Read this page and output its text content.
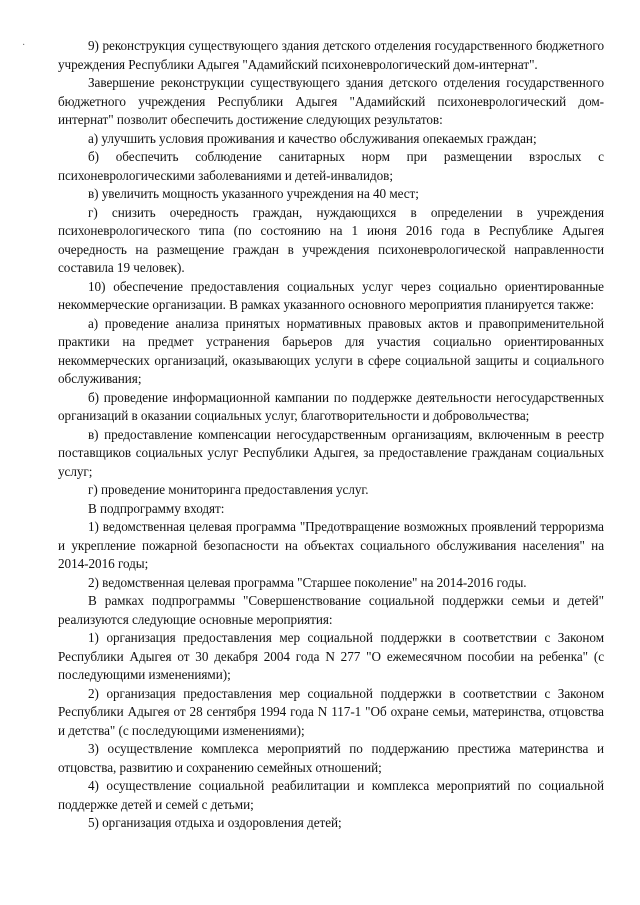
·	9) реконструкция существующего здания детского отделения государственного бюджетного учреждения Республики Адыгея "Адамийский психоневрологический дом-интернат".

Завершение реконструкции существующего здания детского отделения государственного бюджетного учреждения Республики Адыгея "Адамийский психоневрологический дом-интернат" позволит обеспечить достижение следующих результатов:

а) улучшить условия проживания и качество обслуживания опекаемых граждан;

б) обеспечить соблюдение санитарных норм при размещении взрослых с психоневрологическими заболеваниями и детей-инвалидов;

в) увеличить мощность указанного учреждения на 40 мест;

г) снизить очередность граждан, нуждающихся в определении в учреждения психоневрологического типа (по состоянию на 1 июня 2016 года в Республике Адыгея очередность на размещение граждан в учреждения психоневрологической направленности составила 19 человек).

10) обеспечение предоставления социальных услуг через социально ориентированные некоммерческие организации. В рамках указанного основного мероприятия планируется также:

а) проведение анализа принятых нормативных правовых актов и правоприменительной практики на предмет устранения барьеров для участия социально ориентированных некоммерческих организаций, оказывающих услуги в сфере социальной защиты и социального обслуживания;

б) проведение информационной кампании по поддержке деятельности негосударственных организаций в оказании социальных услуг, благотворительности и добровольчества;

в) предоставление компенсации негосударственным организациям, включенным в реестр поставщиков социальных услуг Республики Адыгея, за предоставление гражданам социальных услуг;

г) проведение мониторинга предоставления услуг.

В подпрограмму входят:

1) ведомственная целевая программа "Предотвращение возможных проявлений терроризма и укрепление пожарной безопасности на объектах социального обслуживания населения" на 2014-2016 годы;

2) ведомственная целевая программа "Старшее поколение" на 2014-2016 годы.

В рамках подпрограммы "Совершенствование социальной поддержки семьи и детей" реализуются следующие основные мероприятия:

1) организация предоставления мер социальной поддержки в соответствии с Законом Республики Адыгея от 30 декабря 2004 года N 277 "О ежемесячном пособии на ребенка" (с последующими изменениями);

2) организация предоставления мер социальной поддержки в соответствии с Законом Республики Адыгея от 28 сентября 1994 года N 117-1 "Об охране семьи, материнства, отцовства и детства" (с последующими изменениями);

3) осуществление комплекса мероприятий по поддержанию престижа материнства и отцовства, развитию и сохранению семейных отношений;

4) осуществление социальной реабилитации и комплекса мероприятий по социальной поддержке детей и семей с детьми;

5) организация отдыха и оздоровления детей;
